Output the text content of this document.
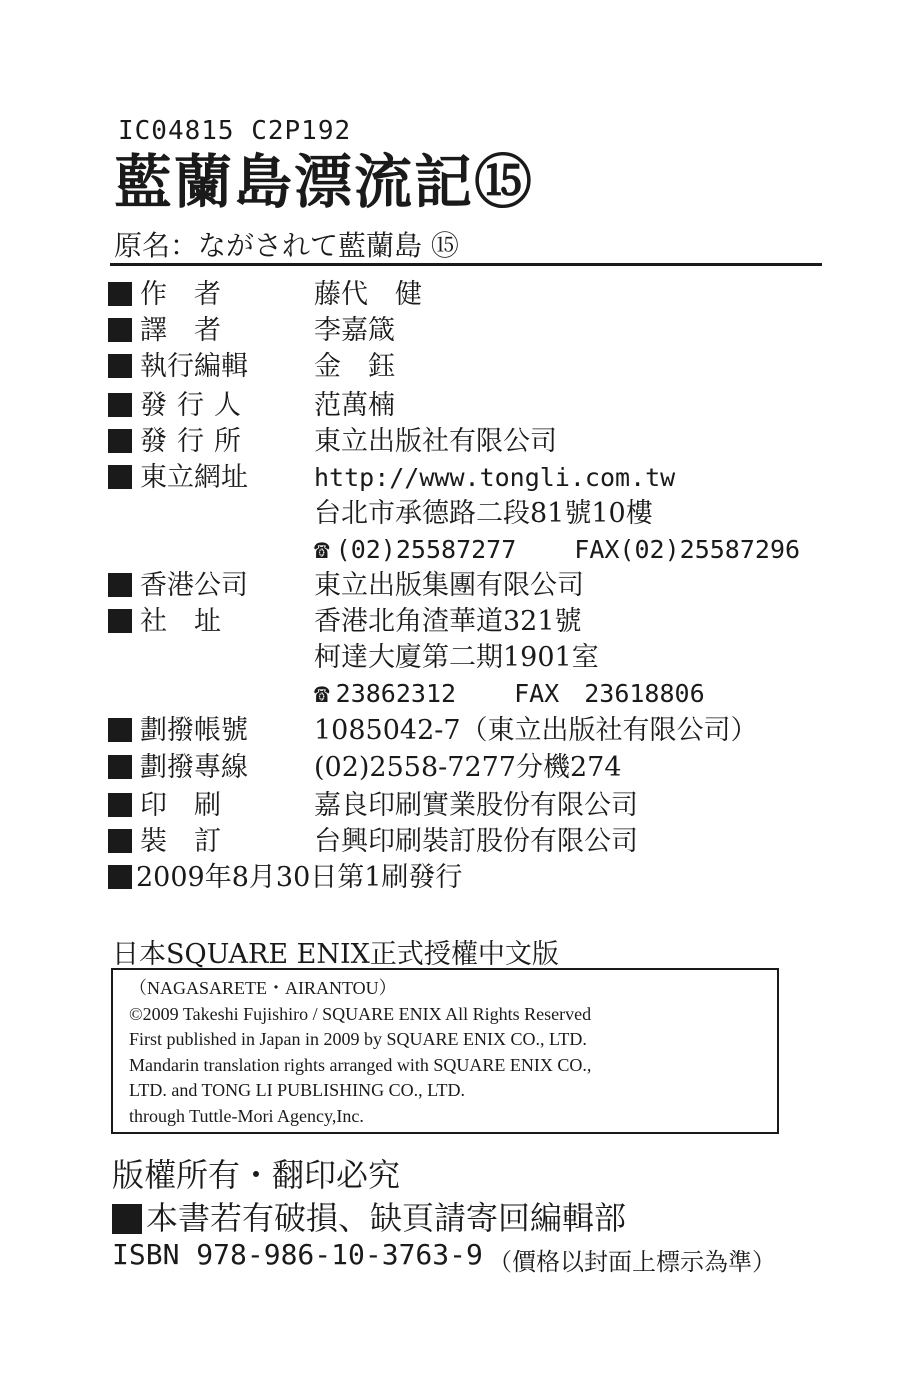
IC04815 C2P192
藍蘭島漂流記⑮
原名：ながされて藍蘭島 ⑮
作　者	藤代　健
譯　者	李嘉箴
執行編輯	金　鈺
發行人	范萬楠
發行所	東立出版社有限公司
東立網址	http://www.tongli.com.tw
台北市承德路二段81號10樓
☎ (02)25587277 FAX(02)25587296
香港公司	東立出版集團有限公司
社　址	香港北角渣華道321號
柯達大廈第二期1901室
☎ 23862312 FAX　23618806
劃撥帳號	1085042-7（東立出版社有限公司）
劃撥專線	(02)2558-7277分機274
印　刷	嘉良印刷實業股份有限公司
裝　訂	台興印刷裝訂股份有限公司
2009年8月30日第1刷發行
日本SQUARE ENIX正式授權中文版
（NAGASARETE・AIRANTOU）
©2009 Takeshi Fujishiro / SQUARE ENIX All Rights Reserved
First published in Japan in 2009 by SQUARE ENIX CO., LTD.
Mandarin translation rights arranged with SQUARE ENIX CO.,
LTD. and TONG LI PUBLISHING CO., LTD.
through Tuttle-Mori Agency,Inc.
版權所有・翻印必究
本書若有破損、缺頁請寄回編輯部
ISBN 978-986-10-3763-9 （價格以封面上標示為準）
